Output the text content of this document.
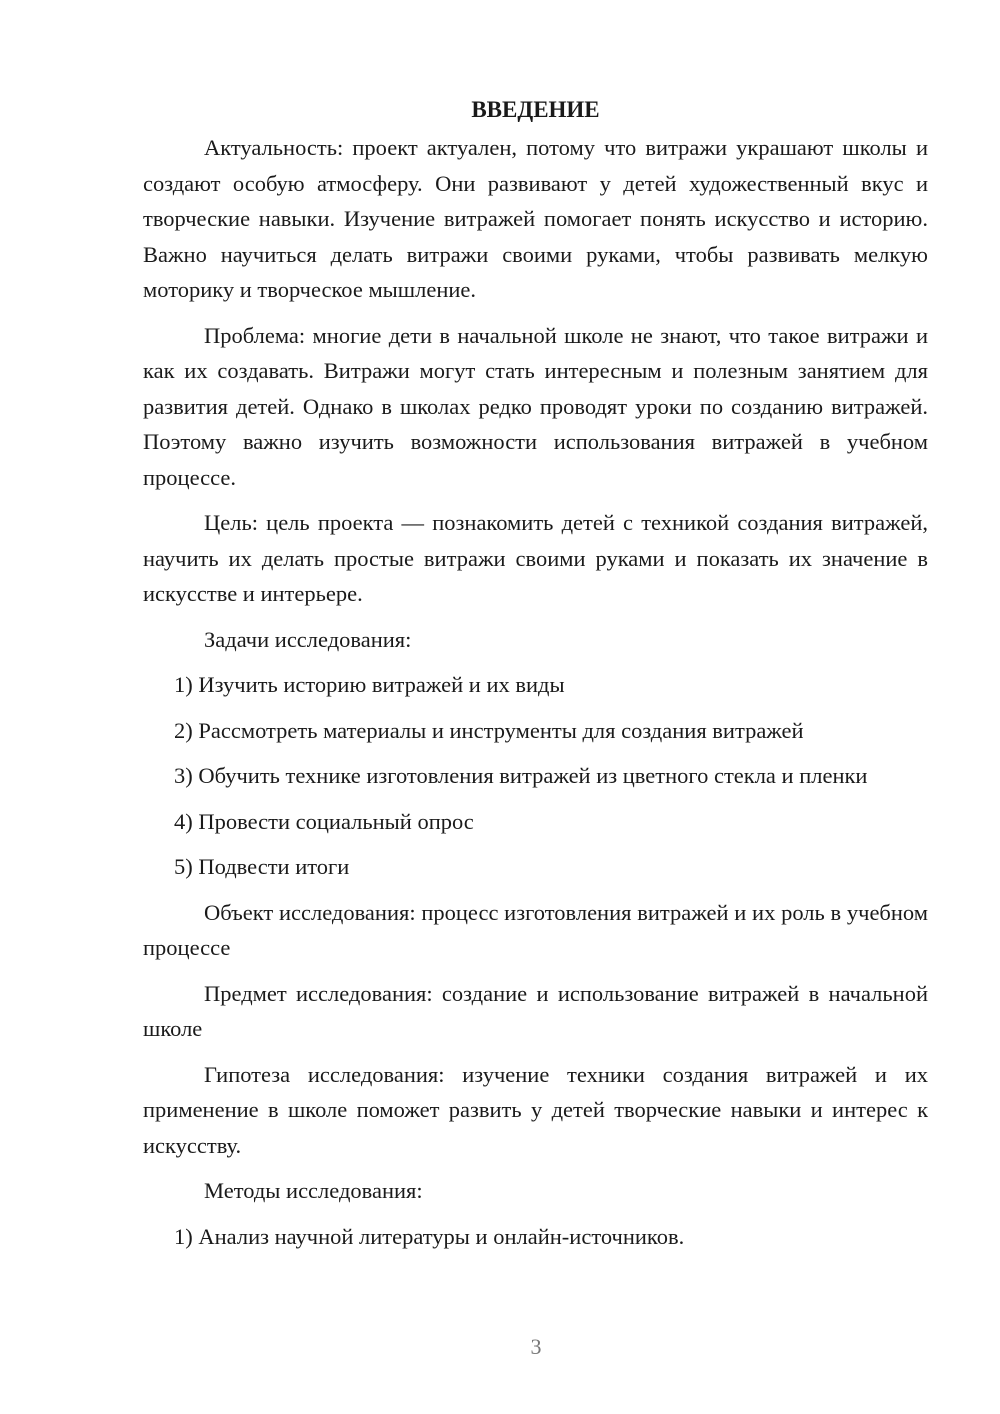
ВВЕДЕНИЕ

Актуальность: проект актуален, потому что витражи украшают школы и создают особую атмосферу. Они развивают у детей художественный вкус и творческие навыки. Изучение витражей помогает понять искусство и историю. Важно научиться делать витражи своими руками, чтобы развивать мелкую моторику и творческое мышление.

Проблема: многие дети в начальной школе не знают, что такое витражи и как их создавать. Витражи могут стать интересным и полезным занятием для развития детей. Однако в школах редко проводят уроки по созданию витражей. Поэтому важно изучить возможности использования витражей в учебном процессе.

Цель: цель проекта — познакомить детей с техникой создания витражей, научить их делать простые витражи своими руками и показать их значение в искусстве и интерьере.

Задачи исследования:

1) Изучить историю витражей и их виды

2) Рассмотреть материалы и инструменты для создания витражей

3) Обучить технике изготовления витражей из цветного стекла и пленки

4) Провести социальный опрос

5) Подвести итоги

Объект исследования: процесс изготовления витражей и их роль в учебном процессе

Предмет исследования: создание и использование витражей в начальной школе

Гипотеза исследования: изучение техники создания витражей и их применение в школе поможет развить у детей творческие навыки и интерес к искусству.

Методы исследования:

1) Анализ научной литературы и онлайн-источников.

3
